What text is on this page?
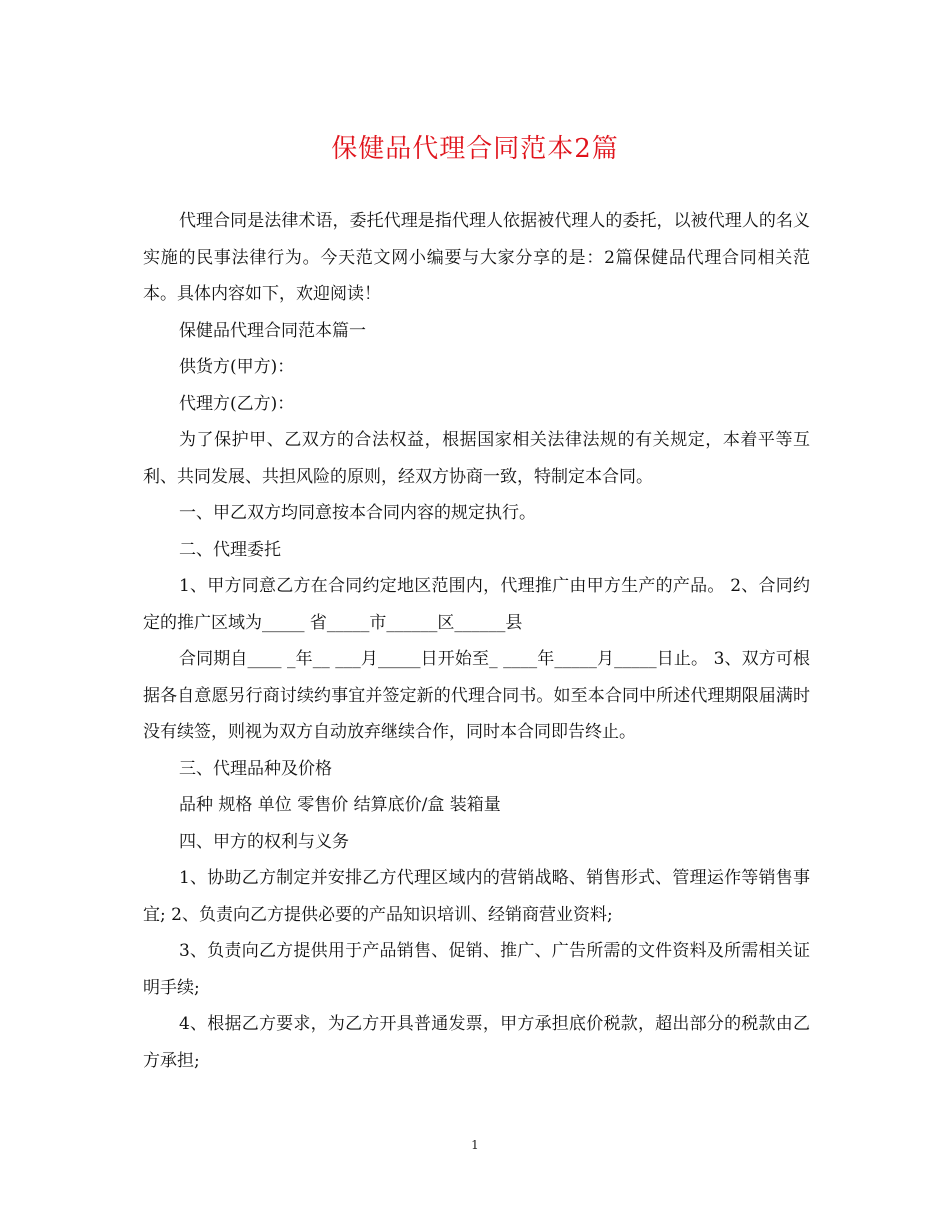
保健品代理合同范本2篇

代理合同是法律术语，委托代理是指代理人依据被代理人的委托，以被代理人的名义实施的民事法律行为。今天范文网小编要与大家分享的是：2篇保健品代理合同相关范本。具体内容如下，欢迎阅读！

保健品代理合同范本篇一

供货方(甲方)：

代理方(乙方)：

为了保护甲、乙双方的合法权益，根据国家相关法律法规的有关规定，本着平等互利、共同发展、共担风险的原则，经双方协商一致，特制定本合同。

一、甲乙双方均同意按本合同内容的规定执行。

二、代理委托

1、甲方同意乙方在合同约定地区范围内，代理推广由甲方生产的产品。 2、合同约定的推广区域为_____ 省_____市______区______县

合同期自____ _年__ ___月_____日开始至_ ____年_____月_____日止。 3、双方可根据各自意愿另行商讨续约事宜并签定新的代理合同书。如至本合同中所述代理期限届满时没有续签，则视为双方自动放弃继续合作，同时本合同即告终止。

三、代理品种及价格

品种 规格 单位 零售价 结算底价/盒 装箱量

四、甲方的权利与义务

1、协助乙方制定并安排乙方代理区域内的营销战略、销售形式、管理运作等销售事宜; 2、负责向乙方提供必要的产品知识培训、经销商营业资料;

3、负责向乙方提供用于产品销售、促销、推广、广告所需的文件资料及所需相关证明手续;

4、根据乙方要求，为乙方开具普通发票，甲方承担底价税款，超出部分的税款由乙方承担;

1
